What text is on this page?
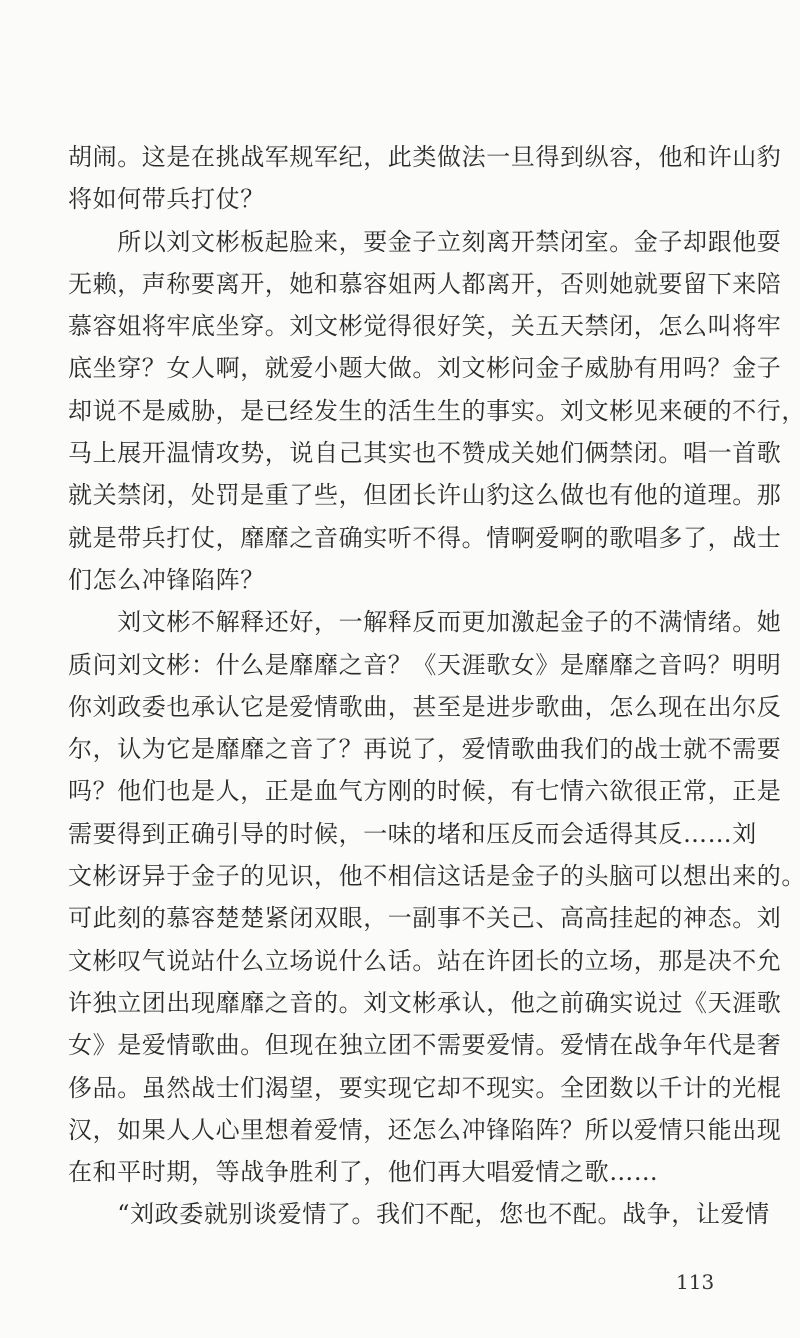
胡闹。这是在挑战军规军纪，此类做法一旦得到纵容，他和许山豹
将如何带兵打仗？
　　所以刘文彬板起脸来，要金子立刻离开禁闭室。金子却跟他耍
无赖，声称要离开，她和慕容姐两人都离开，否则她就要留下来陪
慕容姐将牢底坐穿。刘文彬觉得很好笑，关五天禁闭，怎么叫将牢
底坐穿？女人啊，就爱小题大做。刘文彬问金子威胁有用吗？金子
却说不是威胁，是已经发生的活生生的事实。刘文彬见来硬的不行，
马上展开温情攻势，说自己其实也不赞成关她们俩禁闭。唱一首歌
就关禁闭，处罚是重了些，但团长许山豹这么做也有他的道理。那
就是带兵打仗，靡靡之音确实听不得。情啊爱啊的歌唱多了，战士
们怎么冲锋陷阵？
　　刘文彬不解释还好，一解释反而更加激起金子的不满情绪。她
质问刘文彬：什么是靡靡之音？《天涯歌女》是靡靡之音吗？明明
你刘政委也承认它是爱情歌曲，甚至是进步歌曲，怎么现在出尔反
尔，认为它是靡靡之音了？再说了，爱情歌曲我们的战士就不需要
吗？他们也是人，正是血气方刚的时候，有七情六欲很正常，正是
需要得到正确引导的时候，一味的堵和压反而会适得其反……刘
文彬讶异于金子的见识，他不相信这话是金子的头脑可以想出来的。
可此刻的慕容楚楚紧闭双眼，一副事不关己、高高挂起的神态。刘
文彬叹气说站什么立场说什么话。站在许团长的立场，那是决不允
许独立团出现靡靡之音的。刘文彬承认，他之前确实说过《天涯歌
女》是爱情歌曲。但现在独立团不需要爱情。爱情在战争年代是奢
侈品。虽然战士们渴望，要实现它却不现实。全团数以千计的光棍
汉，如果人人心里想着爱情，还怎么冲锋陷阵？所以爱情只能出现
在和平时期，等战争胜利了，他们再大唱爱情之歌……
　　“刘政委就别谈爱情了。我们不配，您也不配。战争，让爱情
113
